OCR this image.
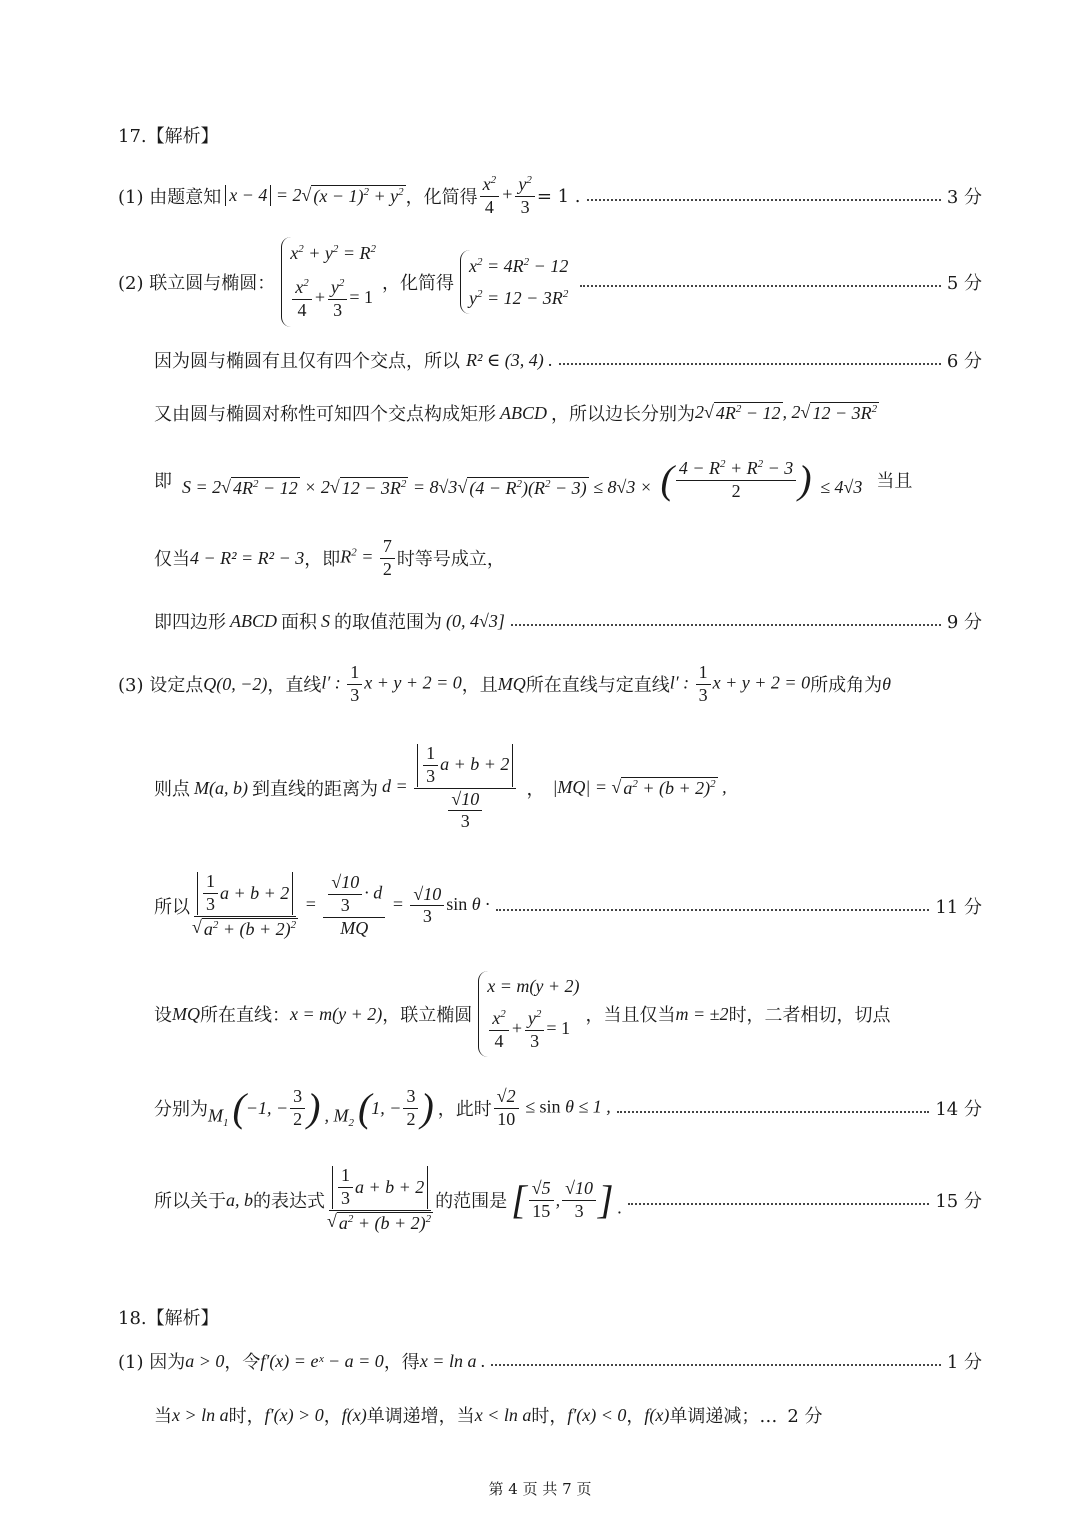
17.【解析】
(1) 由题意知 x − 4 = 2 √ $(x - 1)^2 + y^2$ ，化简得 $\frac{x^2}{4} + \frac{y^2}{3} = 1$ .	3 分
(2) 联立圆与椭圆：
$x^2 + y^2 = R^2$
$\frac{x^2}{4} + \frac{y^2}{3} = 1$
，化简得
$x^2 = 4R^2 - 12$
$y^2 = 12 - 3R^2$	5 分
因为圆与椭圆有且仅有四个交点，所以 R² ∈ (3, 4) .	6 分
又由圆与椭圆对称性可知四个交点构成矩形 ABCD ，所以边长分别为 2 √ $4R^2 - 12$ , 2 √ $12 - 3R^2$
即 S = 2 √ $4R^2 - 12 \times 2$ √ $12 - 3R^2 = 8√3$ √ $(4 - R^2)(R^2 - 3) \le 8√3$ × ( $\frac{4 - R^2 + R^2 - 3}{2}$ ) ≤ 4√3 当且
仅当 4 − R² = R² − 3 ，即 $R^2 = \frac{7}{2}$ 时等号成立，
即四边形 ABCD 面积 S 的取值范围为 (0, 4√3]	9 分
(3) 设定点 Q(0, −2) ，直线 l′ : $\frac{1}{3}$ x + y + 2 = 0 ，且 MQ 所在直线与定直线 l′ : $\frac{1}{3}$ x + y + 2 = 0 所成角为 θ
则点 M(a, b) 到直线的距离为 $d = \frac{\frac{1}{3} a + b + 2}{\frac{√10}{3}}$ ， |MQ| = √ $a^2 + (b + 2)^2$ ,
所以 $\frac{\frac{1}{3} a + b + 2}{√ a^2 + (b + 2)^2} = \frac{\frac{√10}{3} \cdot d}{MQ} = \frac{√10}{3}$ sin θ ·	11 分
设 MQ 所在直线： x = m(y + 2) ，联立椭圆
x = m(y + 2)
$\frac{x^2}{4} + \frac{y^2}{3} = 1$
，当且仅当 m = ±2 时，二者相切，切点
分别为 $M_1$ ( −1, − $\frac{3}{2}$ ) , $M_2$ ( 1, − $\frac{3}{2}$ ) ，此时 $\frac{√2}{10} \le \sin \theta \le 1$ ,	14 分
所以关于 a, b 的表达式 $\frac{\frac{1}{3} a + b + 2}{√ a^2 + (b + 2)^2}$ 的范围是 [ $\frac{√5}{15}$ , $\frac{√10}{3}$ ] .	15 分
18.【解析】
(1) 因为 a > 0 ，令 f′(x) = eˣ − a = 0 ，得 x = ln a .	1 分
当 x > ln a 时， f′(x) > 0 ， f(x) 单调递增，当 x < ln a 时， f′(x) < 0 ， f(x) 单调递减；… 2 分
第 4 页 共 7 页
